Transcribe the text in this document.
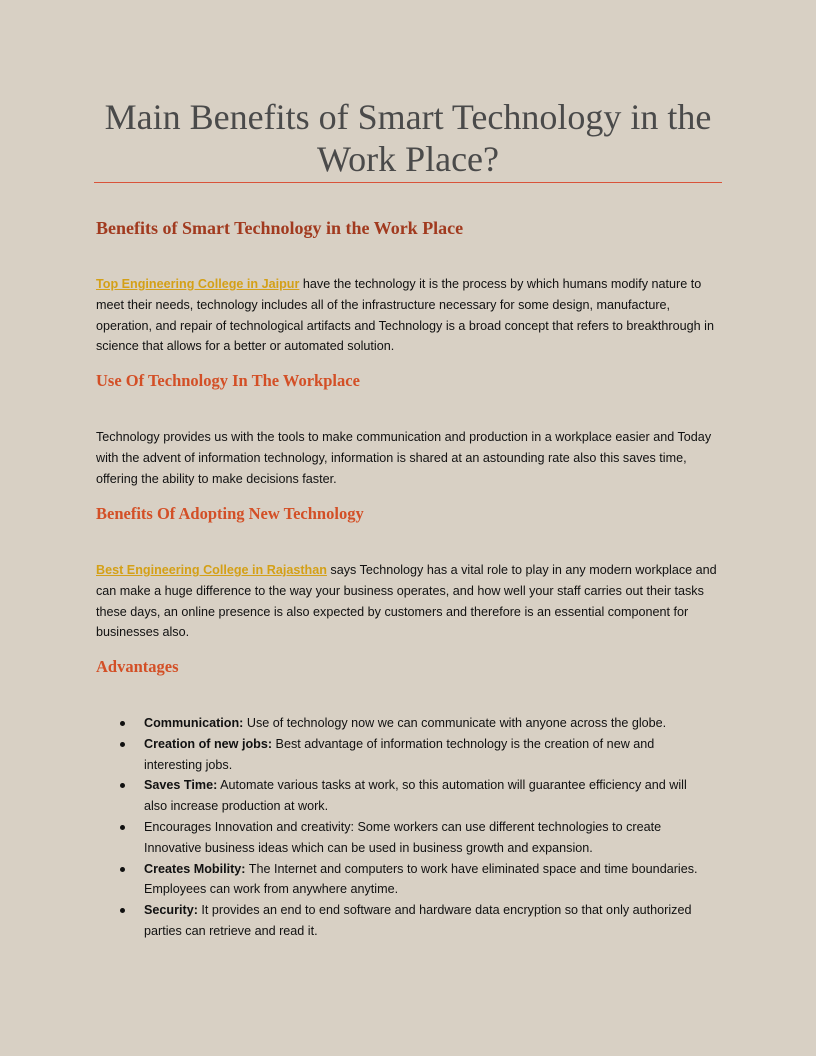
Main Benefits of Smart Technology in the Work Place?
Benefits of Smart Technology in the Work Place

Top Engineering College in Jaipur have the technology it is the process by which humans modify nature to meet their needs, technology includes all of the infrastructure necessary for some design, manufacture, operation, and repair of technological artifacts and Technology is a broad concept that refers to breakthrough in science that allows for a better or automated solution.

Use Of Technology In The Workplace

Technology provides us with the tools to make communication and production in a workplace easier and Today with the advent of information technology, information is shared at an astounding rate also this saves time, offering the ability to make decisions faster.

Benefits Of Adopting New Technology

Best Engineering College in Rajasthan says Technology has a vital role to play in any modern workplace and can make a huge difference to the way your business operates, and how well your staff carries out their tasks these days, an online presence is also expected by customers and therefore is an essential component for businesses also.

Advantages
Communication: Use of technology now we can communicate with anyone across the globe.
Creation of new jobs: Best advantage of information technology is the creation of new and interesting jobs.
Saves Time: Automate various tasks at work, so this automation will guarantee efficiency and will also increase production at work.
Encourages Innovation and creativity: Some workers can use different technologies to create Innovative business ideas which can be used in business growth and expansion.
Creates Mobility: The Internet and computers to work have eliminated space and time boundaries. Employees can work from anywhere anytime.
Security: It provides an end to end software and hardware data encryption so that only authorized parties can retrieve and read it.
